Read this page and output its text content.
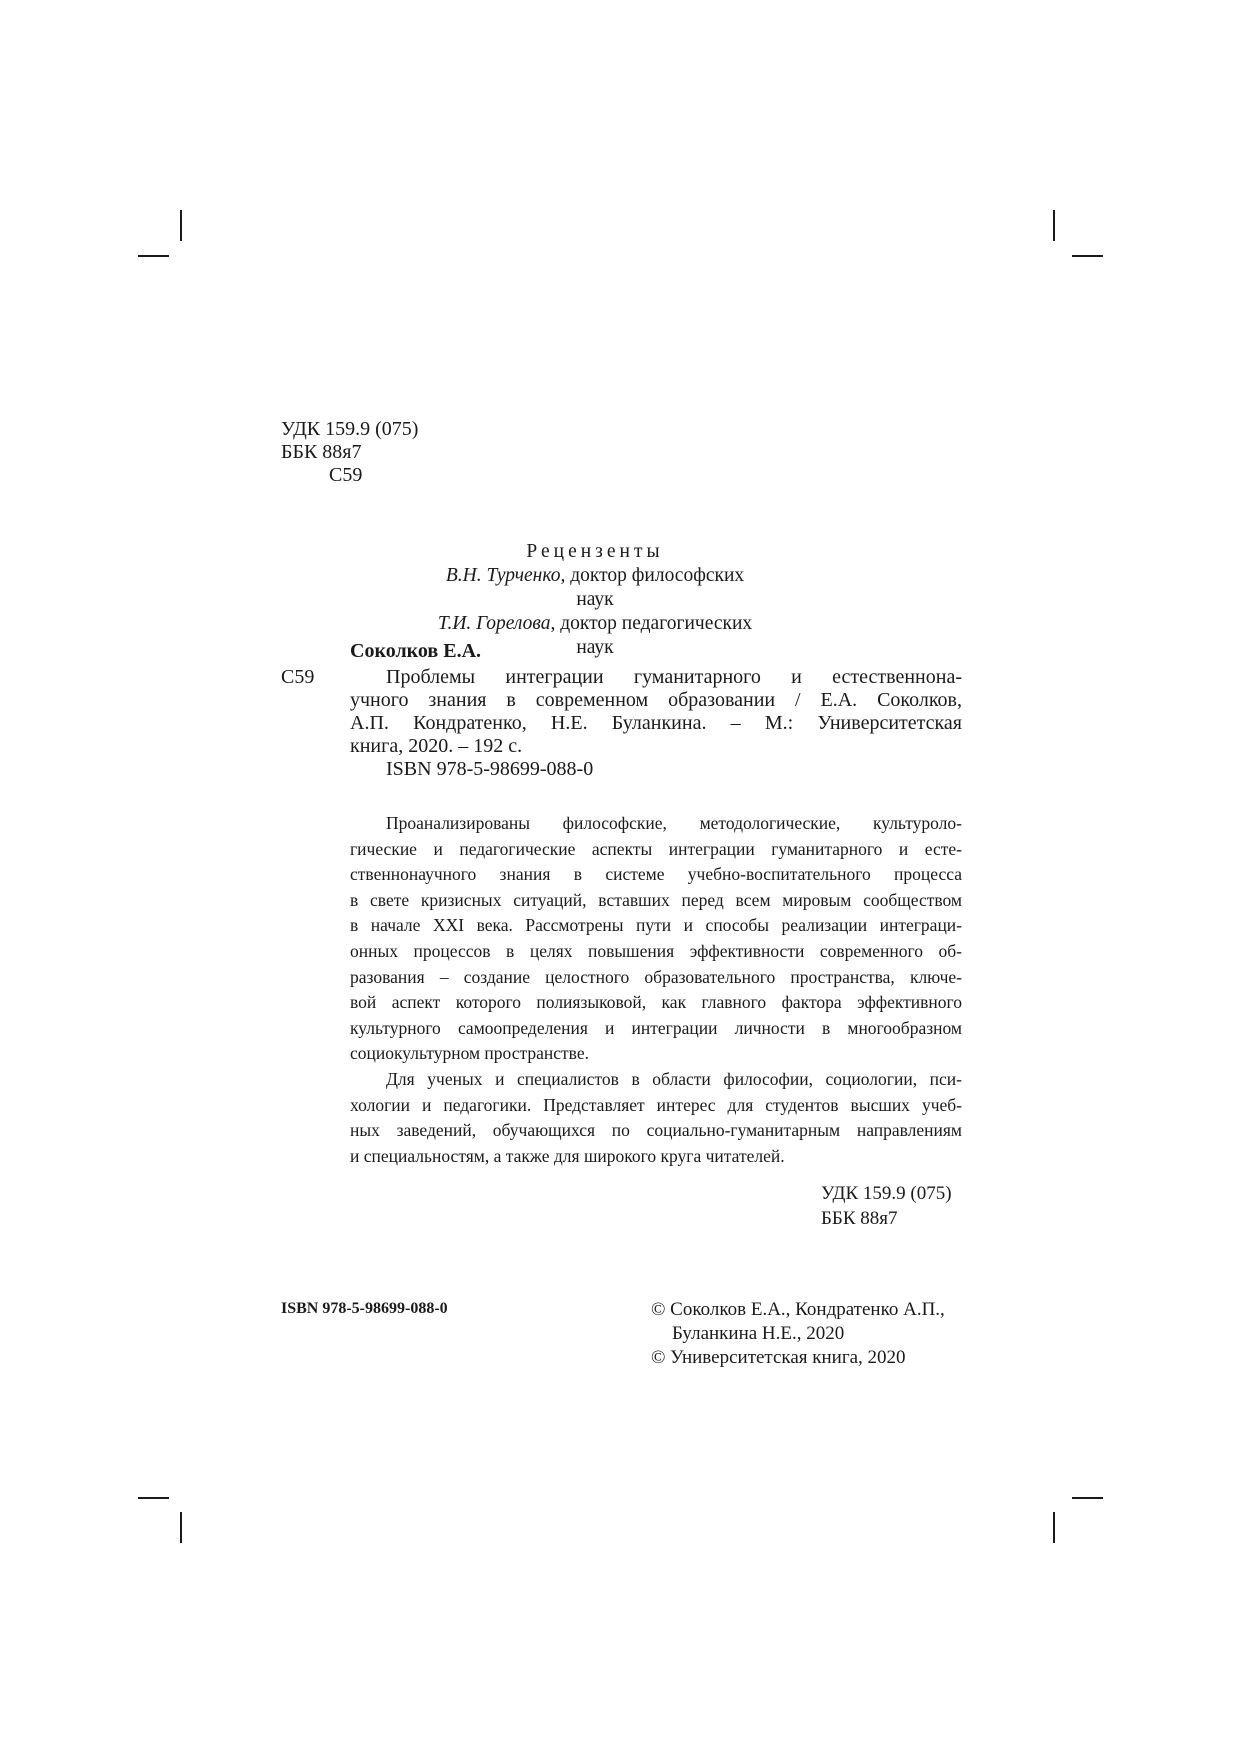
УДК 159.9 (075)
ББК 88я7
С59
Рецензенты
В.Н. Турченко, доктор философских наук
Т.И. Горелова, доктор педагогических наук
Соколков Е.А.
С59	Проблемы интеграции гуманитарного и естественнона-
учного знания в современном образовании / Е.А. Соколков,
А.П. Кондратенко, Н.Е. Буланкина. – М.: Университетская
книга, 2020. – 192 с.
ISBN 978-5-98699-088-0
Проанализированы философские, методологические, культуроло-
гические и педагогические аспекты интеграции гуманитарного и есте-
ственнонаучного знания в системе учебно-воспитательного процесса
в свете кризисных ситуаций, вставших перед всем мировым сообществом
в начале XXI века. Рассмотрены пути и способы реализации интеграци-
онных процессов в целях повышения эффективности современного об-
разования – создание целостного образовательного пространства, ключе-
вой аспект которого полиязыковой, как главного фактора эффективного
культурного самоопределения и интеграции личности в многообразном
социокультурном пространстве.
Для ученых и специалистов в области философии, социологии, пси-
хологии и педагогики. Представляет интерес для студентов высших учеб-
ных заведений, обучающихся по социально-гуманитарным направлениям
и специальностям, а также для широкого круга читателей.
УДК 159.9 (075)
ББК 88я7
ISBN 978-5-98699-088-0	© Соколков Е.А., Кондратенко А.П.,
Буланкина Н.Е., 2020
© Университетская книга, 2020
